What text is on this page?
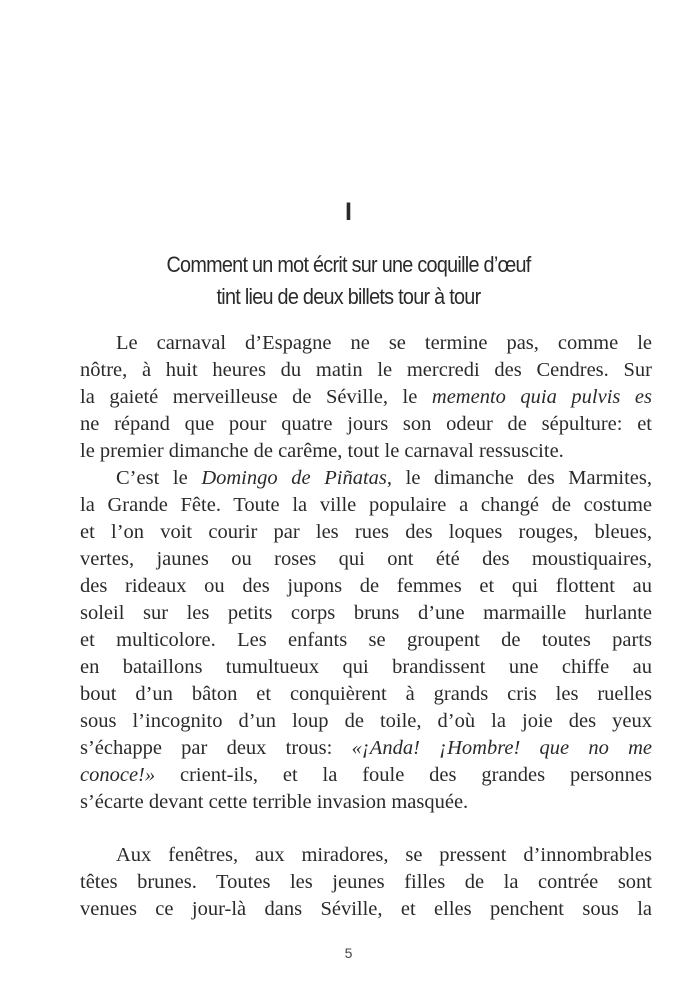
I
Comment un mot écrit sur une coquille d’œuf
tint lieu de deux billets tour à tour
Le carnaval d’Espagne ne se termine pas, comme le
nôtre, à huit heures du matin le mercredi des Cendres. Sur
la gaieté merveilleuse de Séville, le memento quia pulvis es
ne répand que pour quatre jours son odeur de sépulture: et
le premier dimanche de carême, tout le carnaval ressuscite.
C’est le Domingo de Piñatas, le dimanche des Marmites,
la Grande Fête. Toute la ville populaire a changé de costume
et l’on voit courir par les rues des loques rouges, bleues,
vertes, jaunes ou roses qui ont été des moustiquaires,
des rideaux ou des jupons de femmes et qui flottent au
soleil sur les petits corps bruns d’une marmaille hurlante
et multicolore. Les enfants se groupent de toutes parts
en bataillons tumultueux qui brandissent une chiffe au
bout d’un bâton et conquièrent à grands cris les ruelles
sous l’incognito d’un loup de toile, d’où la joie des yeux
s’échappe par deux trous: «¡Anda! ¡Hombre! que no me
conoce!» crient-ils, et la foule des grandes personnes
s’écarte devant cette terrible invasion masquée.
Aux fenêtres, aux miradores, se pressent d’innombrables
têtes brunes. Toutes les jeunes filles de la contrée sont
venues ce jour-là dans Séville, et elles penchent sous la
5
